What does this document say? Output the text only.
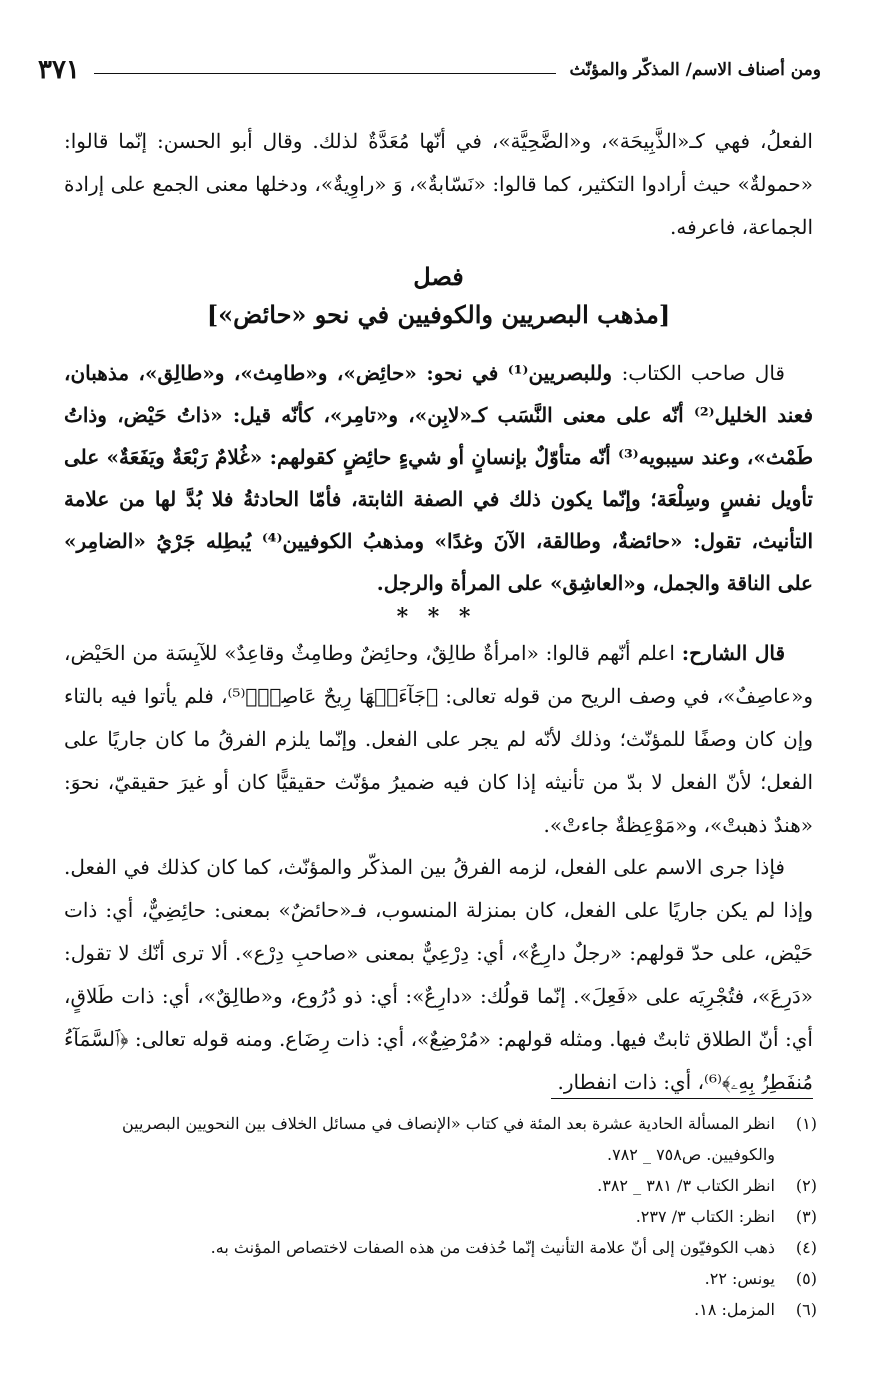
ومن أصناف الاسم/ المذكّر والمؤنّث
٣٧١

الفعلُ، فهي كـ«الذَّبِيحَة»، و«الضَّحِيَّة»، في أنّها مُعَدَّةٌ لذلك. وقال أبو الحسن: إنّما قالوا: «حمولةٌ» حيث أرادوا التكثير، كما قالوا: «نَسّابةٌ»، وَ «راوِيةٌ»، ودخلها معنى الجمع على إرادة الجماعة، فاعرفه.

فصل
[مذهب البصريين والكوفيين في نحو «حائض»]

قال صاحب الكتاب: وللبصريين⁽¹⁾ في نحو: «حائِض»، و«طامِث»، و«طالِق»، مذهبان، فعند الخليل⁽²⁾ أنّه على معنى النَّسَب كـ«لابِن»، و«تامِر»، كأنّه قيل: «ذاتُ حَيْض، وذاتُ طَمْث»، وعند سيبويه⁽³⁾ أنّه متأوّلٌ بإنسانٍ أو شيءٍ حائِضٍ كقولهم: «غُلامٌ رَبْعَةٌ ويَفَعَةٌ» على تأويل نفسٍ وسِلْعَة؛ وإنّما يكون ذلك في الصفة الثابتة، فأمّا الحادثةُ فلا بُدَّ لها من علامة التأنيث، تقول: «حائضةٌ، وطالقة، الآنَ وغدًا» ومذهبُ الكوفيين⁽⁴⁾ يُبطِله جَرْيُ «الضامِر» على الناقة والجمل، و«العاشِق» على المرأة والرجل.

* * *

قال الشارح: اعلم أنّهم قالوا: «امرأةٌ طالِقٌ، وحائِضٌ وطامِثٌ وقاعِدٌ» للآيِسَة من الحَيْض، و«عاصِفٌ»، في وصف الريح من قوله تعالى: ﴿جَآءَتۡهَا رِيحٌ عَاصِفٞ﴾⁽⁵⁾، فلم يأتوا فيه بالتاء وإن كان وصفًا للمؤنّث؛ وذلك لأنّه لم يجر على الفعل. وإنّما يلزم الفرقُ ما كان جاريًا على الفعل؛ لأنّ الفعل لا بدّ من تأنيثه إذا كان فيه ضميرُ مؤنّث حقيقيًّا كان أو غيرَ حقيقيّ، نحوَ: «هندٌ ذهبتْ»، و«مَوْعِظةٌ جاءتْ».

فإذا جرى الاسم على الفعل، لزمه الفرقُ بين المذكّر والمؤنّث، كما كان كذلك في الفعل. وإذا لم يكن جاريًا على الفعل، كان بمنزلة المنسوب، فـ«حائضٌ» بمعنى: حائِضِيٌّ، أي: ذات حَيْض، على حدّ قولهم: «رجلٌ دارِعٌ»، أي: دِرْعِيٌّ بمعنى «صاحبِ دِرْع». ألا ترى أنّك لا تقول: «دَرِعَ»، فتُجْرِيَه على «فَعِلَ». إنّما قولُك: «دارِعٌ»: أي: ذو دُرُوع، و«طالِقٌ»، أي: ذات طَلاقٍ، أي: أنّ الطلاق ثابتٌ فيها. ومثله قولهم: «مُرْضِعٌ»، أي: ذات رِضَاع. ومنه قوله تعالى: ﴿ٱلسَّمَآءُ مُنفَطِرُۢ بِهِۦ﴾⁽⁶⁾، أي: ذات انفطار.

(١)
انظر المسألة الحادية عشرة بعد المئة في كتاب «الإنصاف في مسائل الخلاف بين النحويين البصريين والكوفيين. ص٧٥٨ _ ٧٨٢.
(٢)
انظر الكتاب ٣/ ٣٨١ _ ٣٨٢.
(٣)
انظر: الكتاب ٣/ ٢٣٧.
(٤)
ذهب الكوفيّون إلى أنّ علامة التأنيث إنّما حُذفت من هذه الصفات لاختصاص المؤنث به.
(٥)
يونس: ٢٢.
(٦)
المزمل: ١٨.
